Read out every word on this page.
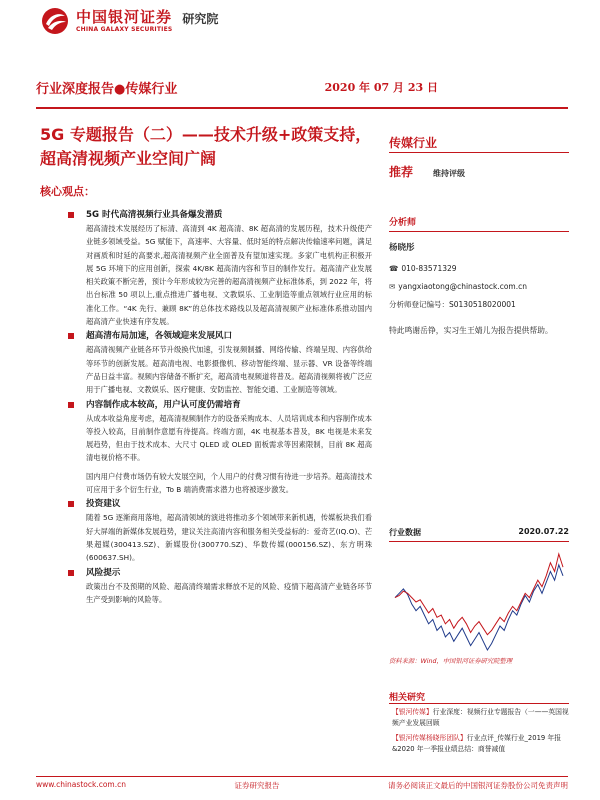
中国银河证券
CHINA GALAXY SECURITIES
研究院
行业深度报告●传媒行业	2020 年 07 月 23 日
5G 专题报告（二）——技术升级+政策支持，超高清视频产业空间广阔
核心观点：
5G 时代高清视频行业具备爆发潜质

超高清技术发展经历了标清、高清到 4K 超高清、8K 超高清的发展历程，技术升级使产业链多领域受益。5G 赋能下，高速率、大容量、低时延的特点解决传输速率问题，满足对画质和时延的高要求,超高清视频产业全面普及有望加速实现。多家广电机构正积极开展 5G 环境下的应用创新，探索 4K/8K 超高清内容和节目的制作发行。超高清产业发展相关政策不断完善，预计今年形成较为完善的超高清视频产业标准体系，到 2022 年，将出台标准 50 项以上,重点推进广播电视、文教娱乐、工业制造等重点领域行业应用的标准化工作。“4K 先行、兼顾 8K”的总体技术路线以及超高清视频产业标准体系推动国内超高清产业快速有序发展。

超高清布局加速，各领域迎来发展风口

超高清视频产业链各环节升级换代加速，引发视频制播、网络传输、终端呈现、内容供给等环节的创新发展。超高清电视、电影摄像机、移动智能终端、显示器、VR 设备等终端产品日益丰富。视频内容储备不断扩充，超高清电视频道将普及。超高清视频将被广泛应用于广播电视、文教娱乐、医疗健康、安防监控、智能交通、工业制造等领域。

内容制作成本较高，用户认可度仍需培育

从成本收益角度考虑，超高清视频制作方的设备采购成本、人员培训成本和内容制作成本等投入较高，目前制作意愿有待提高。终端方面，4K 电视基本普及，8K 电视是未来发展趋势，但由于技术成本、大尺寸 QLED 或 OLED 面板需求等因素限制，目前 8K 超高清电视价格不菲。

国内用户付费市场仍有较大发展空间，个人用户的付费习惯有待进一步培养。超高清技术可应用于多个衍生行业，To B 端消费需求潜力也将被逐步激发。

投资建议

随着 5G 逐渐商用落地，超高清领域的演进将推动多个领域带来新机遇，传媒板块我们看好大屏端的新媒体发展趋势，建议关注高清内容和服务相关受益标的：爱奇艺(IQ.O)、芒果超媒(300413.SZ)、新媒股份(300770.SZ)、华数传媒(000156.SZ)、东方明珠(600637.SH)。

风险提示

政策出台不及预期的风险、超高清终端需求释放不足的风险、疫情下超高清产业链各环节生产受到影响的风险等。

传媒行业
推荐	维持评级
分析师
杨晓彤
☎ 010-83571329
✉ yangxiaotong@chinastock.com.cn
分析师登记编号：S0130518020001
特此鸣谢岳铮，实习生王婧儿为报告提供帮助。
行业数据	2020.07.22
资料来源：Wind，中国银河证券研究院整理
相关研究
【银河传媒】行业深度：视频行业专题报告（一——英国视频产业发展回顾
【银河传媒杨晓彤团队】行业点评_传媒行业_2019 年报&2020 年一季报业绩总结：商誉减值
www.chinastock.com.cn	证券研究报告	请务必阅读正文最后的中国银河证券股份公司免责声明
